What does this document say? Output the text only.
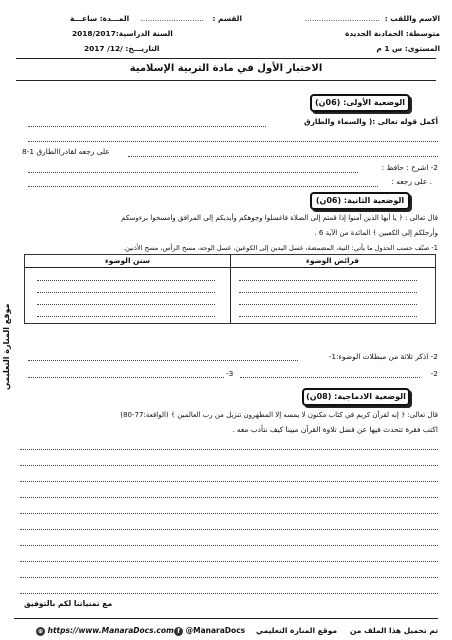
الاسم واللقب :
................................
القسم :
...........................
المـــدة: ساعـــة
متوسطة: الحمادنة الجديدة
السنة الدراسية:2018/2017
المستوى: س 1 م
التاريـــخ: /12/ 2017
الاختبار الأول في مادة التربية الإسلامية
الوضعية الأولى: (06ن)
أكمل قوله تعالى :( والسماء والطارق
على رجعه لقادر)الطارق 1-8
2- اشرح : حافظ :
. على رجعه :
الوضعية الثانية: (06ن)
قال تعالى : ﴿ يا أيها الذين آمنوا إذا قمتم إلى الصلاة فاغسلوا وجوهكم وأيديكم إلى المرافق وامسحوا برءوسكم
وأرجلكم إلى الكعبين ﴾ المائدة من الآية 6 .
1- صنّف حسب الجدول ما يأتي: النية، المضمضة، غسل اليدين إلى الكوعين، غسل الوجه، مسح الرأس، مسح الأذنين.
فرائض الوضوء
سنن الوضوء
2- اذكر ثلاثة من مبطلات الوضوء:1-
2-
3-
الوضعية الادماجية: (08ن)
قال تعالى: ﴿ إنه لقرآن كريم في كتاب مكنون لا يمسه إلا المطهرون تنزيل من رب العالمين ﴾ (الواقعة:77-80)
اكتب فقرة تتحدث فيها عن فضل تلاوة القرآن مبينا كيف نتأدب معه .
مع تمنياتنا لكم بالتوفيق
موقع المنارة التعليمي
⊕ https://www.ManaraDocs.com f @ManaraDocs موقع المنارة التعليمي تم تحميل هذا الملف من
